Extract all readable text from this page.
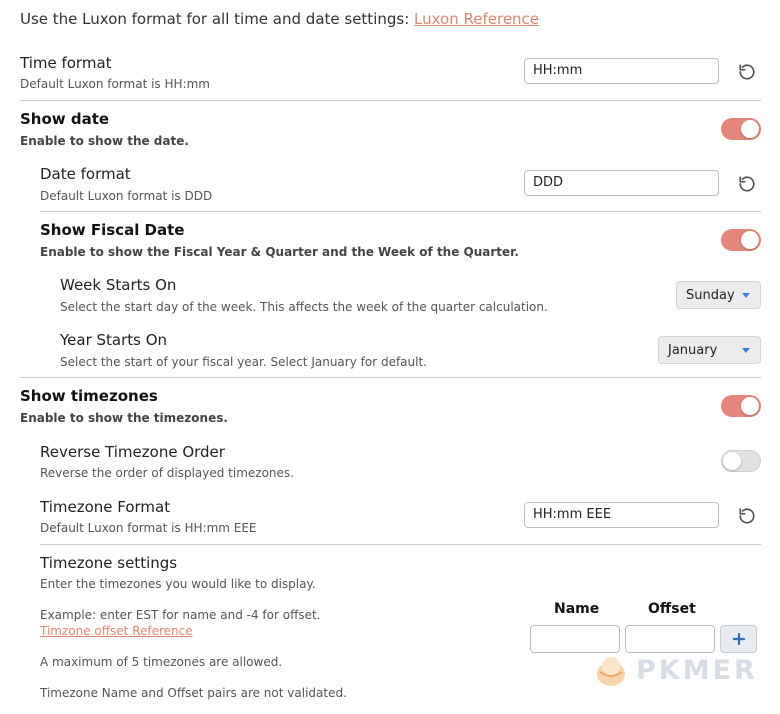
Use the Luxon format for all time and date settings: Luxon Reference
Time format
Default Luxon format is HH:mm
HH:mm
Show date
Enable to show the date.
Date format
Default Luxon format is DDD
DDD
Show Fiscal Date
Enable to show the Fiscal Year & Quarter and the Week of the Quarter.
Week Starts On
Select the start day of the week. This affects the week of the quarter calculation.
Sunday
Year Starts On
Select the start of your fiscal year. Select January for default.
January
Show timezones
Enable to show the timezones.
Reverse Timezone Order
Reverse the order of displayed timezones.
Timezone Format
Default Luxon format is HH:mm EEE
HH:mm EEE
Timezone settings
Enter the timezones you would like to display.
Example: enter EST for name and -4 for offset.
Timzone offset Reference
A maximum of 5 timezones are allowed.
Timezone Name and Offset pairs are not validated.
Name	Offset
PKMER
